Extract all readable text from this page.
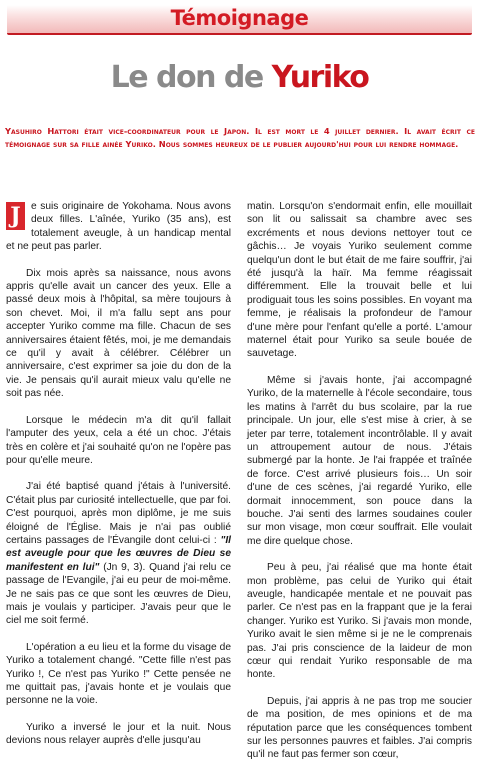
Témoignage
Le don de Yuriko

Yasuhiro Hattori était vice-coordinateur pour le Japon. Il est mort le 4 juillet dernier. Il avait écrit ce témoignage sur sa fille ainée Yuriko. Nous sommes heureux de le publier aujourd'hui pour lui rendre hommage.

J	e suis originaire de Yokohama. Nous avons deux filles. L'aînée, Yuriko (35 ans), est totalement aveugle, à un handicap mental et ne peut pas parler.

Dix mois après sa naissance, nous avons appris qu'elle avait un cancer des yeux. Elle a passé deux mois à l'hôpital, sa mère toujours à son chevet. Moi, il m'a fallu sept ans pour accepter Yuriko comme ma fille. Chacun de ses anniversaires étaient fêtés, moi, je me demandais ce qu'il y avait à célébrer. Célébrer un anniversaire, c'est exprimer sa joie du don de la vie. Je pensais qu'il aurait mieux valu qu'elle ne soit pas née.

Lorsque le médecin m'a dit qu'il fallait l'amputer des yeux, cela a été un choc. J'étais très en colère et j'ai souhaité qu'on ne l'opère pas pour qu'elle meure.

J'ai été baptisé quand j'étais à l'université. C'était plus par curiosité intellectuelle, que par foi. C'est pourquoi, après mon diplôme, je me suis éloigné de l'Église. Mais je n'ai pas oublié certains passages de l'Évangile dont celui-ci : "Il est aveugle pour que les œuvres de Dieu se manifestent en lui" (Jn 9, 3). Quand j'ai relu ce passage de l'Evangile, j'ai eu peur de moi-même. Je ne sais pas ce que sont les œuvres de Dieu, mais je voulais y participer. J'avais peur que le ciel me soit fermé.

L'opération a eu lieu et la forme du visage de Yuriko a totalement changé. "Cette fille n'est pas Yuriko !, Ce n'est pas Yuriko !" Cette pensée ne me quittait pas, j'avais honte et je voulais que personne ne la voie.

Yuriko a inversé le jour et la nuit. Nous devions nous relayer auprès d'elle jusqu'au

matin. Lorsqu'on s'endormait enfin, elle mouillait son lit ou salissait sa chambre avec ses excréments et nous devions nettoyer tout ce gâchis… Je voyais Yuriko seulement comme quelqu'un dont le but était de me faire souffrir, j'ai été jusqu'à la haïr. Ma femme réagissait différemment. Elle la trouvait belle et lui prodiguait tous les soins possibles. En voyant ma femme, je réalisais la profondeur de l'amour d'une mère pour l'enfant qu'elle a porté. L'amour maternel était pour Yuriko sa seule bouée de sauvetage.

Même si j'avais honte, j'ai accompagné Yuriko, de la maternelle à l'école secondaire, tous les matins à l'arrêt du bus scolaire, par la rue principale. Un jour, elle s'est mise à crier, à se jeter par terre, totalement incontrôlable. Il y avait un attroupement autour de nous. J'étais submergé par la honte. Je l'ai frappée et traînée de force. C'est arrivé plusieurs fois… Un soir d'une de ces scènes, j'ai regardé Yuriko, elle dormait innocemment, son pouce dans la bouche. J'ai senti des larmes soudaines couler sur mon visage, mon cœur souffrait. Elle voulait me dire quelque chose.

Peu à peu, j'ai réalisé que ma honte était mon problème, pas celui de Yuriko qui était aveugle, handicapée mentale et ne pouvait pas parler. Ce n'est pas en la frappant que je la ferai changer. Yuriko est Yuriko. Si j'avais mon monde, Yuriko avait le sien même si je ne le comprenais pas. J'ai pris conscience de la laideur de mon cœur qui rendait Yuriko responsable de ma honte.

Depuis, j'ai appris à ne pas trop me soucier de ma position, de mes opinions et de ma réputation parce que les conséquences tombent sur les personnes pauvres et faibles. J'ai compris qu'il ne faut pas fermer son cœur,
